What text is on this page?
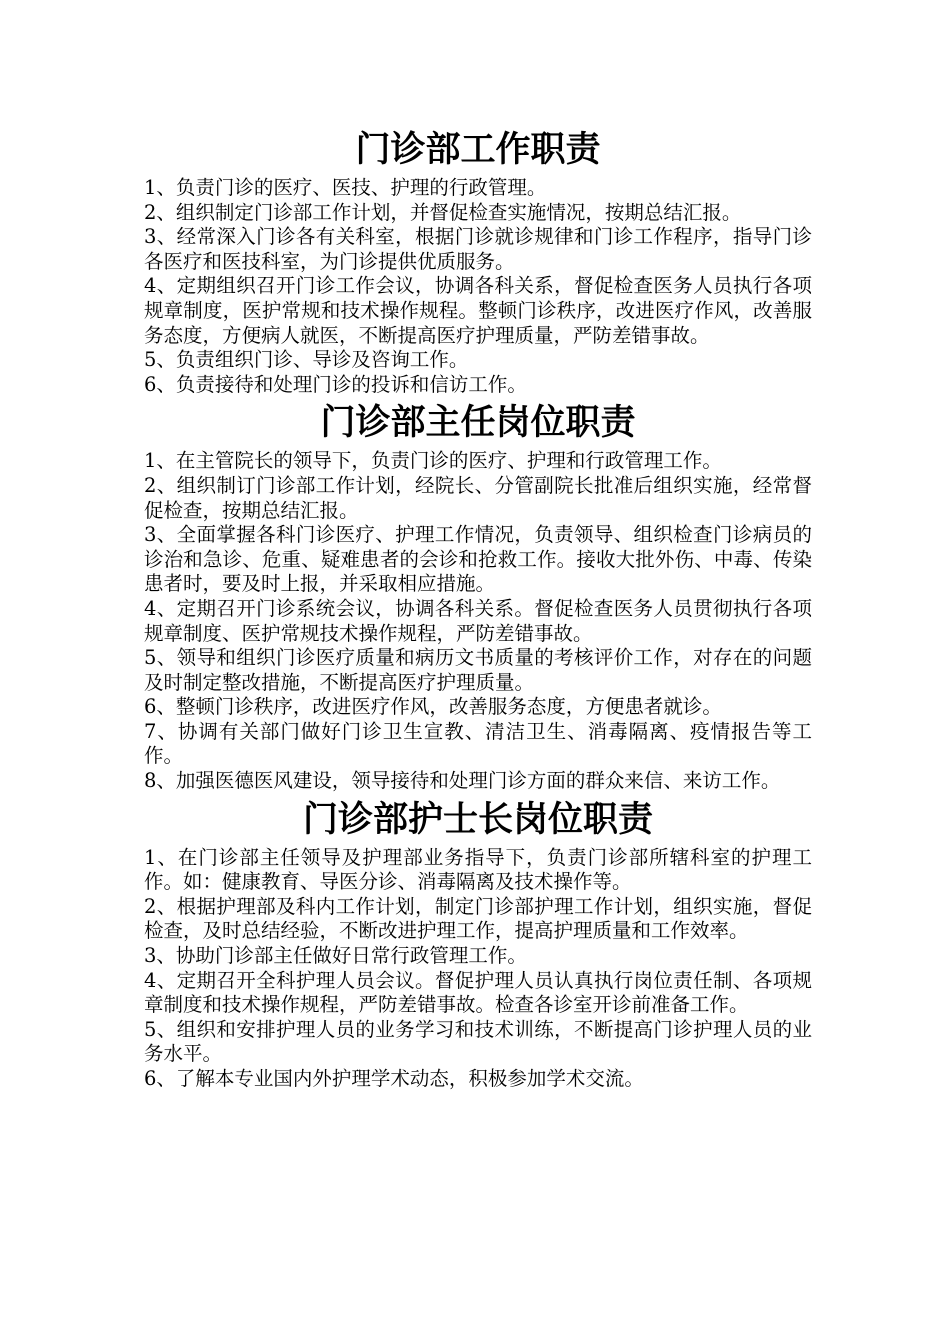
门诊部工作职责

1、负责门诊的医疗、医技、护理的行政管理。

2、组织制定门诊部工作计划，并督促检查实施情况，按期总结汇报。

3、经常深入门诊各有关科室，根据门诊就诊规律和门诊工作程序，指导门诊各医疗和医技科室，为门诊提供优质服务。

4、定期组织召开门诊工作会议，协调各科关系，督促检查医务人员执行各项规章制度，医护常规和技术操作规程。整顿门诊秩序，改进医疗作风，改善服务态度，方便病人就医，不断提高医疗护理质量，严防差错事故。

5、负责组织门诊、导诊及咨询工作。

6、负责接待和处理门诊的投诉和信访工作。

门诊部主任岗位职责

1、在主管院长的领导下，负责门诊的医疗、护理和行政管理工作。

2、组织制订门诊部工作计划，经院长、分管副院长批准后组织实施，经常督促检查，按期总结汇报。

3、全面掌握各科门诊医疗、护理工作情况，负责领导、组织检查门诊病员的诊治和急诊、危重、疑难患者的会诊和抢救工作。接收大批外伤、中毒、传染患者时，要及时上报，并采取相应措施。

4、定期召开门诊系统会议，协调各科关系。督促检查医务人员贯彻执行各项规章制度、医护常规技术操作规程，严防差错事故。

5、领导和组织门诊医疗质量和病历文书质量的考核评价工作，对存在的问题及时制定整改措施，不断提高医疗护理质量。

6、整顿门诊秩序，改进医疗作风，改善服务态度，方便患者就诊。

7、协调有关部门做好门诊卫生宣教、清洁卫生、消毒隔离、疫情报告等工作。

8、加强医德医风建设，领导接待和处理门诊方面的群众来信、来访工作。

门诊部护士长岗位职责

1、在门诊部主任领导及护理部业务指导下，负责门诊部所辖科室的护理工作。如：健康教育、导医分诊、消毒隔离及技术操作等。

2、根据护理部及科内工作计划，制定门诊部护理工作计划，组织实施，督促检查，及时总结经验，不断改进护理工作，提高护理质量和工作效率。

3、协助门诊部主任做好日常行政管理工作。

4、定期召开全科护理人员会议。督促护理人员认真执行岗位责任制、各项规章制度和技术操作规程，严防差错事故。检查各诊室开诊前准备工作。

5、组织和安排护理人员的业务学习和技术训练，不断提高门诊护理人员的业务水平。

6、了解本专业国内外护理学术动态，积极参加学术交流。
